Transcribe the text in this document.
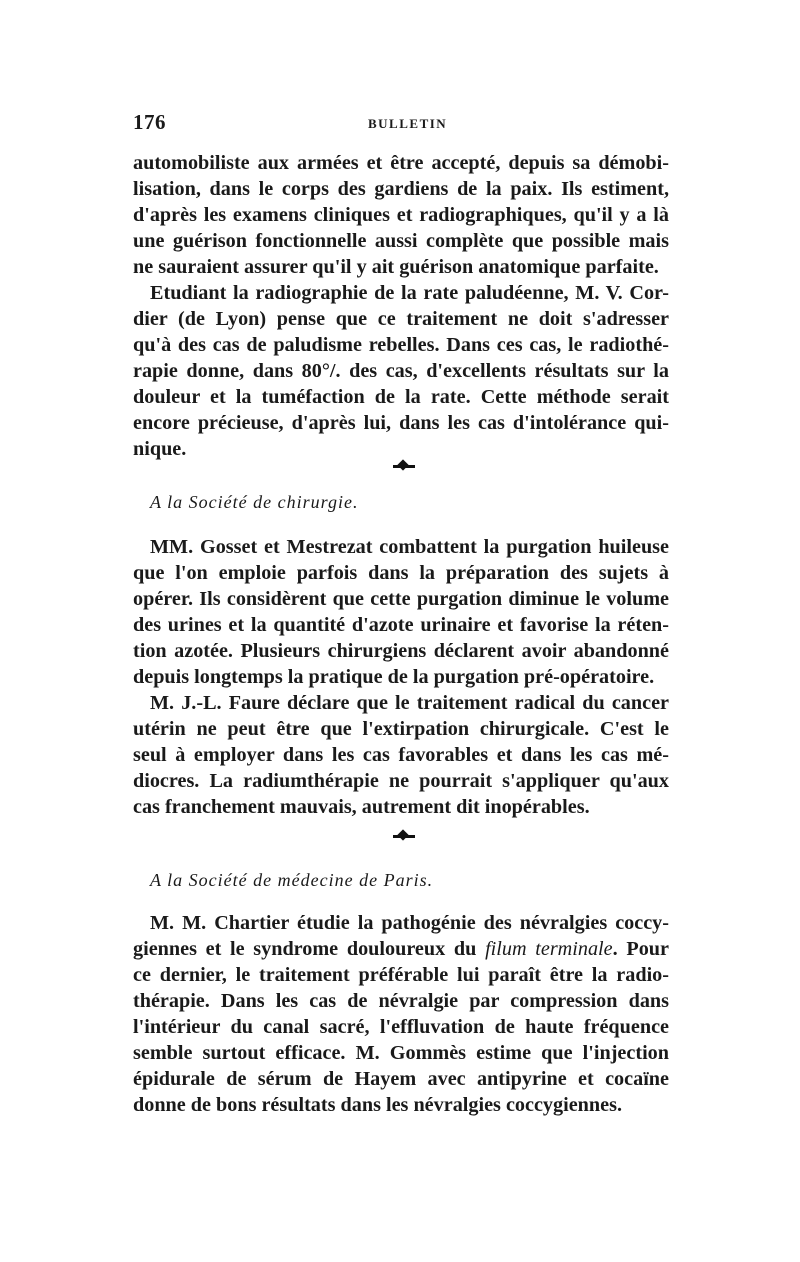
176	BULLETIN
automobiliste aux armées et être accepté, depuis sa démobi-
lisation, dans le corps des gardiens de la paix. Ils estiment,
d'après les examens cliniques et radiographiques, qu'il y a là
une guérison fonctionnelle aussi complète que possible mais
ne sauraient assurer qu'il y ait guérison anatomique parfaite.
Etudiant la radiographie de la rate paludéenne, M. V. Cor-
dier (de Lyon) pense que ce traitement ne doit s'adresser
qu'à des cas de paludisme rebelles. Dans ces cas, le radiothé-
rapie donne, dans 80°/. des cas, d'excellents résultats sur la
douleur et la tuméfaction de la rate. Cette méthode serait
encore précieuse, d'après lui, dans les cas d'intolérance qui-
nique.
A la Société de chirurgie.
MM. Gosset et Mestrezat combattent la purgation huileuse
que l'on emploie parfois dans la préparation des sujets à
opérer. Ils considèrent que cette purgation diminue le volume
des urines et la quantité d'azote urinaire et favorise la réten-
tion azotée. Plusieurs chirurgiens déclarent avoir abandonné
depuis longtemps la pratique de la purgation pré-opératoire.
M. J.-L. Faure déclare que le traitement radical du cancer
utérin ne peut être que l'extirpation chirurgicale. C'est le
seul à employer dans les cas favorables et dans les cas mé-
diocres. La radiumthérapie ne pourrait s'appliquer qu'aux
cas franchement mauvais, autrement dit inopérables.
A la Société de médecine de Paris.
M. M. Chartier étudie la pathogénie des névralgies coccy-
giennes et le syndrome douloureux du filum terminale. Pour
ce dernier, le traitement préférable lui paraît être la radio-
thérapie. Dans les cas de névralgie par compression dans
l'intérieur du canal sacré, l'effluvation de haute fréquence
semble surtout efficace. M. Gommès estime que l'injection
épidurale de sérum de Hayem avec antipyrine et cocaïne
donne de bons résultats dans les névralgies coccygiennes.
